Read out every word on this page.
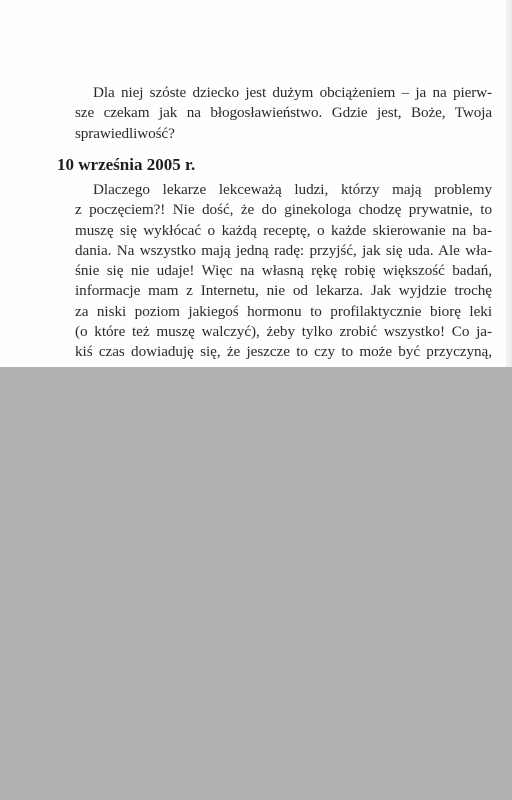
Dla niej szóste dziecko jest dużym obciążeniem – ja na pierw-
sze czekam jak na błogosławieństwo. Gdzie jest, Boże, Twoja
sprawiedliwość?
10 września 2005 r.
Dlaczego lekarze lekceważą ludzi, którzy mają problemy
z poczęciem?! Nie dość, że do ginekologa chodzę prywatnie, to
muszę się wykłócać o każdą receptę, o każde skierowanie na ba-
dania. Na wszystko mają jedną radę: przyjść, jak się uda. Ale wła-
śnie się nie udaje! Więc na własną rękę robię większość badań,
informacje mam z Internetu, nie od lekarza. Jak wyjdzie trochę
za niski poziom jakiegoś hormonu to profilaktycznie biorę leki
(o które też muszę walczyć), żeby tylko zrobić wszystko! Co ja-
kiś czas dowiaduję się, że jeszcze to czy to może być przyczyną,
